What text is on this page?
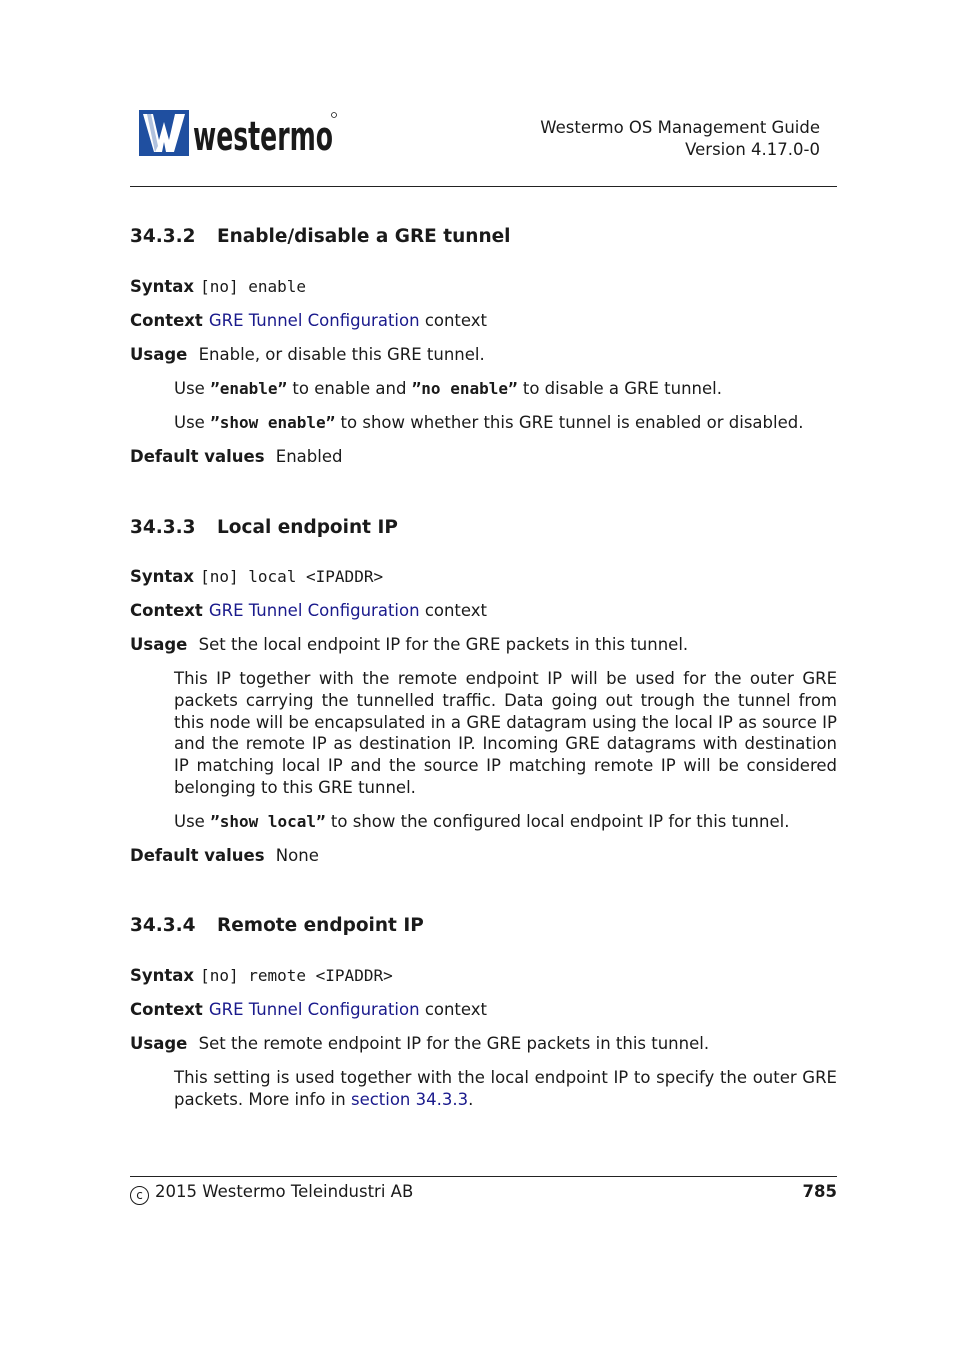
westermo	Westermo OS Management Guide
Version 4.17.0-0
34.3.2 Enable/disable a GRE tunnel
Syntax [no] enable
Context GRE Tunnel Configuration context
Usage Enable, or disable this GRE tunnel.
Use ”enable” to enable and ”no enable” to disable a GRE tunnel.
Use ”show enable” to show whether this GRE tunnel is enabled or disabled.
Default values Enabled
34.3.3 Local endpoint IP
Syntax [no] local <IPADDR>
Context GRE Tunnel Configuration context
Usage Set the local endpoint IP for the GRE packets in this tunnel.
This IP together with the remote endpoint IP will be used for the outer GRE packets carrying the tunnelled traffic. Data going out trough the tunnel from this node will be encapsulated in a GRE datagram using the local IP as source IP and the remote IP as destination IP. Incoming GRE datagrams with destination IP matching local IP and the source IP matching remote IP will be considered belonging to this GRE tunnel.
Use ”show local” to show the configured local endpoint IP for this tunnel.
Default values None
34.3.4 Remote endpoint IP
Syntax [no] remote <IPADDR>
Context GRE Tunnel Configuration context
Usage Set the remote endpoint IP for the GRE packets in this tunnel.
This setting is used together with the local endpoint IP to specify the outer GRE packets. More info in section 34.3.3.
c 2015 Westermo Teleindustri AB	785
